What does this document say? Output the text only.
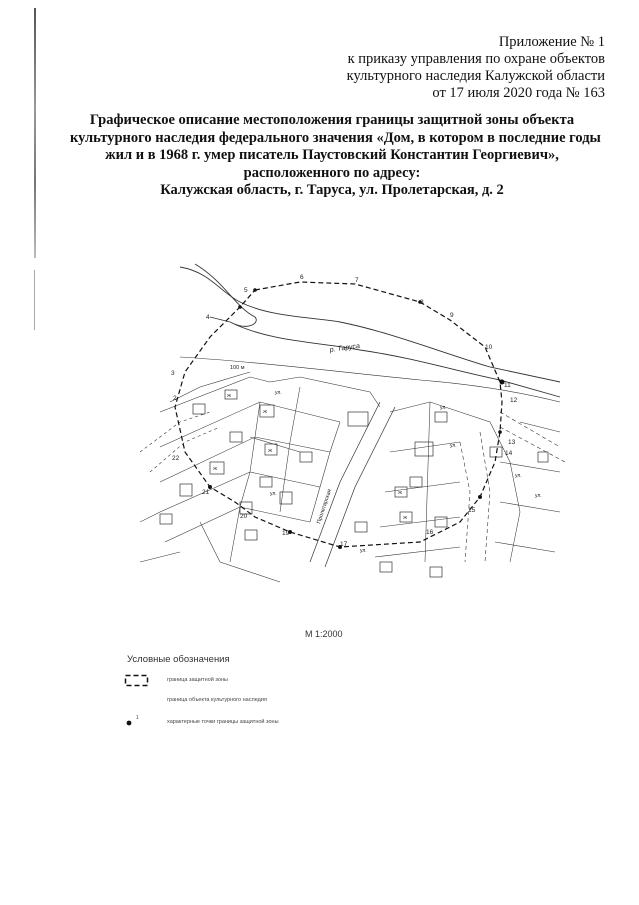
Приложение № 1
к приказу управления по охране объектов
культурного наследия Калужской области
от 17 июля 2020 года № 163
Графическое описание местоположения границы защитной зоны объекта
культурного наследия федерального значения «Дом, в котором в последние годы
жил и в 1968 г. умер писатель Паустовский Константин Георгиевич»,
расположенного по адресу:
Калужская область, г. Таруса, ул. Пролетарская, д. 2
3
2
4
5
6	7
8
9
10
11
12
13
14
15
16
17
19
20
21
22
р. Таруса
100 м
Пролетарская
ул.
ул.
ул.
ул.
ул.
ул.
ул.
Ж
Ж
Ж
Ж
Ж
Ж
М 1:2000
Условные обозначения
граница защитной зоны
граница объекта культурного наследия
1
характерные точки границы защитной зоны
